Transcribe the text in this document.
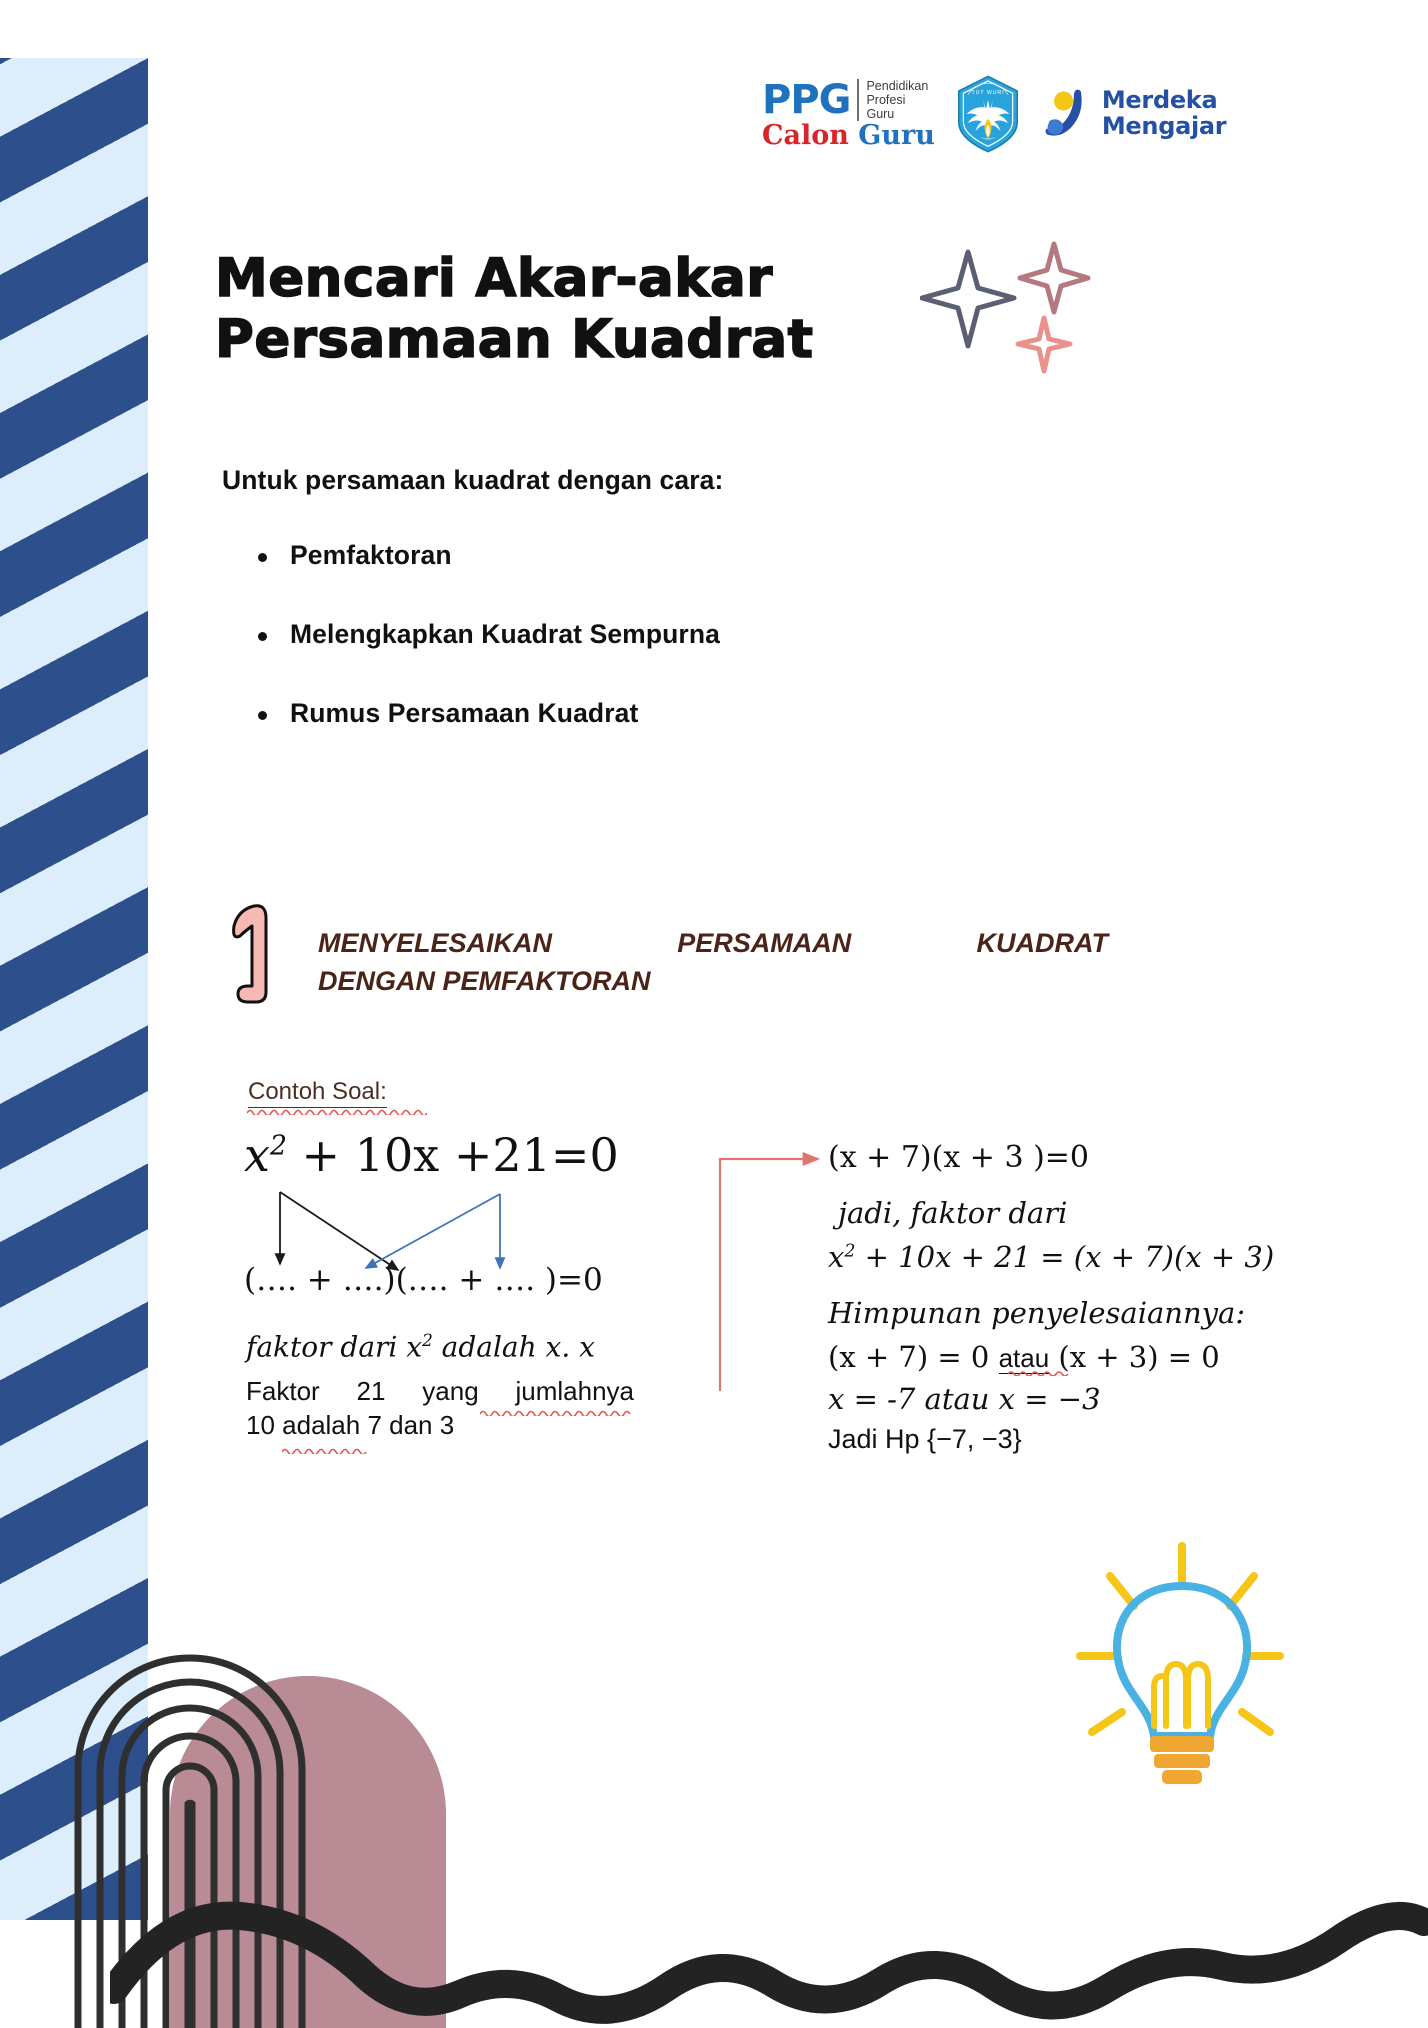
PPG Pendidikan
Profesi
Guru
Calon Guru
TUT WURI	Merdeka
Mengajar
Mencari Akar-akar
Persamaan Kuadrat
Untuk persamaan kuadrat dengan cara:
Pemfaktoran
Melengkapkan Kuadrat Sempurna
Rumus Persamaan Kuadrat
MENYELESAIKAN PERSAMAAN KUADRAT
DENGAN PEMFAKTORAN
Contoh Soal:
$x^2 + 10x +21=0$
(…. + ….)(…. + …. )=0
faktor dari $x^2$ adalah x. x
Faktor 21 yang jumlahnya
10 adalah 7 dan 3
(x + 7)(x + 3 )=0
jadi, faktor dari
$x^2 + 10x + 21 = (x + 7)(x + 3)$
Himpunan penyelesaiannya:
(x + 7) = 0 atau (x + 3) = 0
x = -7 atau x = −3
Jadi Hp {−7, −3}
